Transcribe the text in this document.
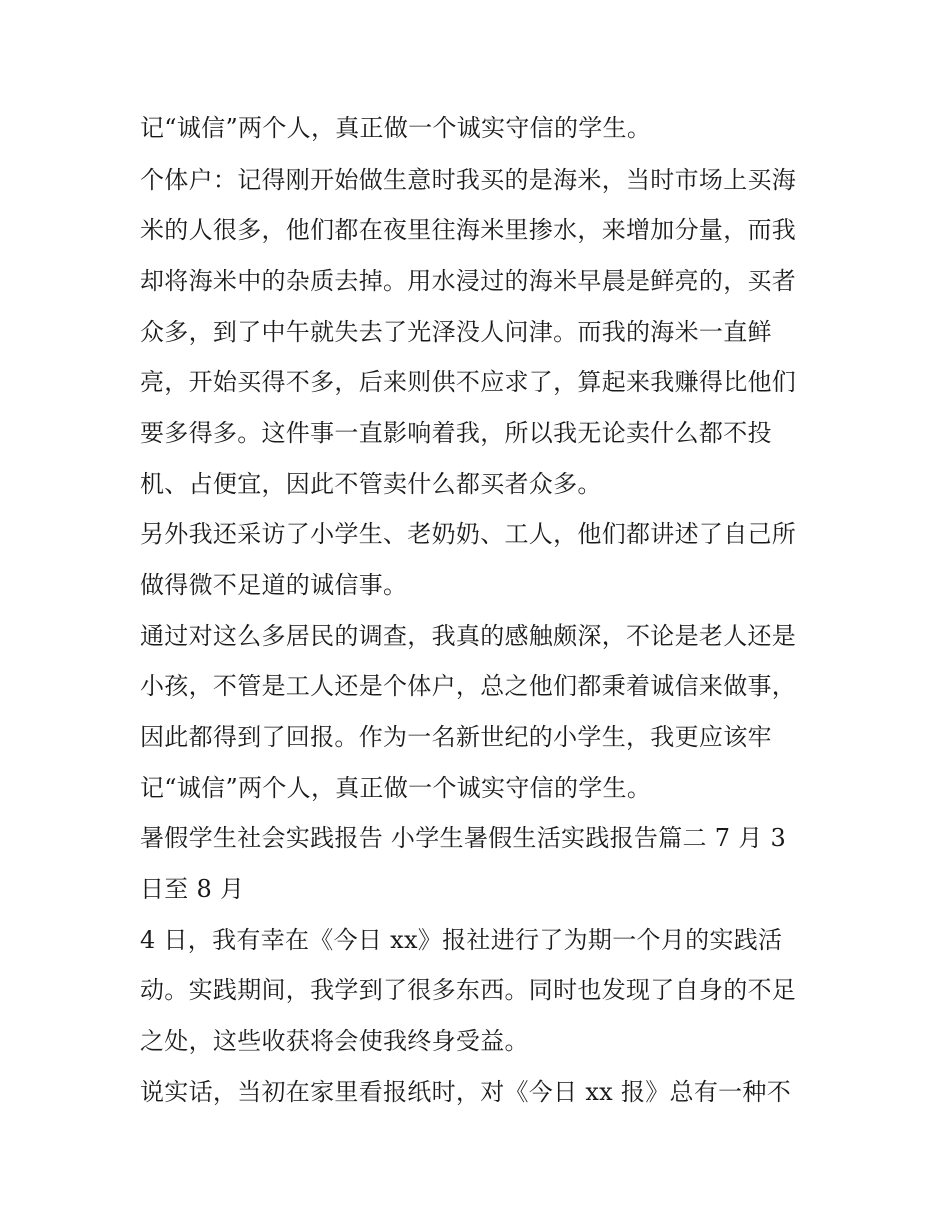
记“诚信”两个人，真正做一个诚实守信的学生。
个体户：记得刚开始做生意时我买的是海米，当时市场上买海
米的人很多，他们都在夜里往海米里掺水，来增加分量，而我
却将海米中的杂质去掉。用水浸过的海米早晨是鲜亮的，买者
众多，到了中午就失去了光泽没人问津。而我的海米一直鲜
亮，开始买得不多，后来则供不应求了，算起来我赚得比他们
要多得多。这件事一直影响着我，所以我无论卖什么都不投
机、占便宜，因此不管卖什么都买者众多。
另外我还采访了小学生、老奶奶、工人，他们都讲述了自己所
做得微不足道的诚信事。
通过对这么多居民的调查，我真的感触颇深，不论是老人还是
小孩，不管是工人还是个体户，总之他们都秉着诚信来做事，
因此都得到了回报。作为一名新世纪的小学生，我更应该牢
记“诚信”两个人，真正做一个诚实守信的学生。
暑假学生社会实践报告 小学生暑假生活实践报告篇二 7 月 3
日至 8 月
4 日，我有幸在《今日 xx》报社进行了为期一个月的实践活
动。实践期间，我学到了很多东西。同时也发现了自身的不足
之处，这些收获将会使我终身受益。
说实话，当初在家里看报纸时，对《今日 xx 报》总有一种不
